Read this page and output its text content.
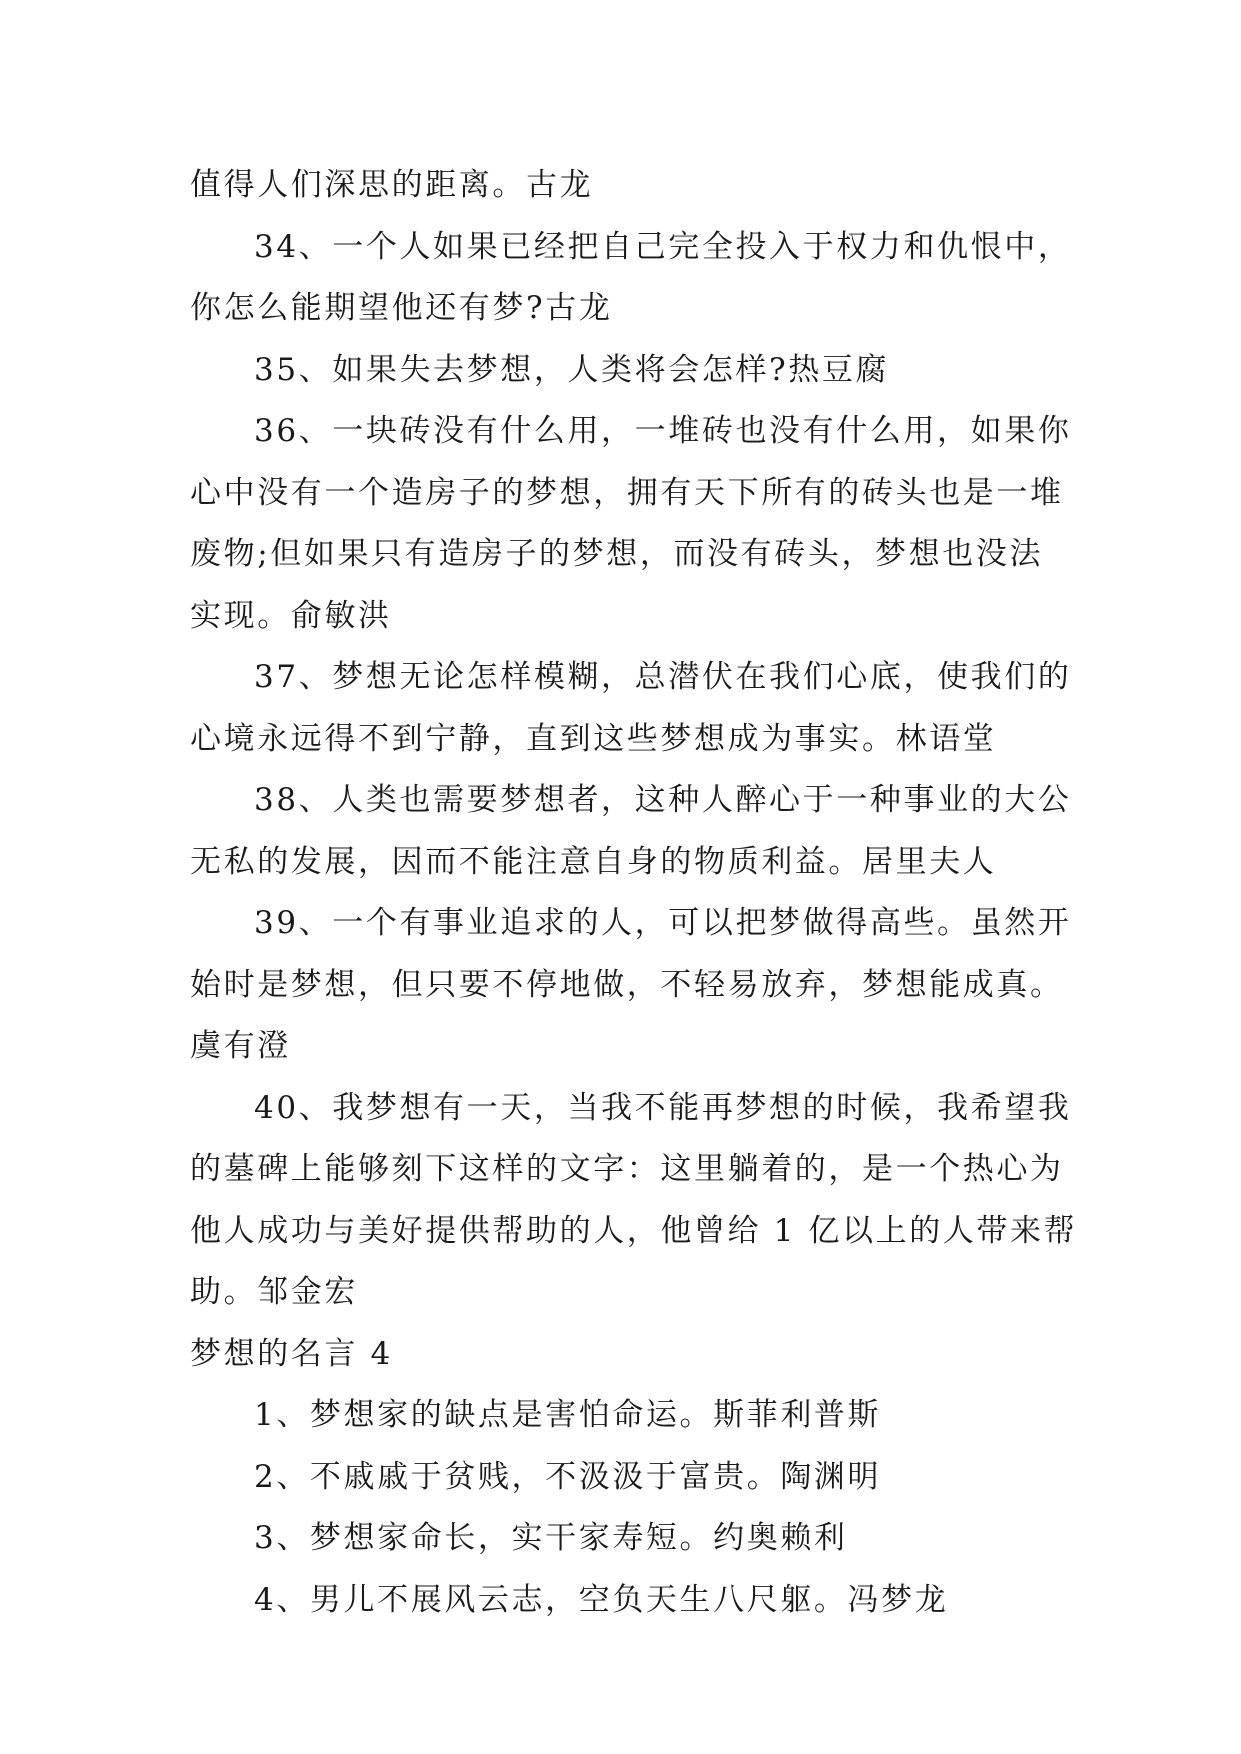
值得人们深思的距离。古龙
34、一个人如果已经把自己完全投入于权力和仇恨中，
你怎么能期望他还有梦?古龙
35、如果失去梦想，人类将会怎样?热豆腐
36、一块砖没有什么用，一堆砖也没有什么用，如果你
心中没有一个造房子的梦想，拥有天下所有的砖头也是一堆
废物;但如果只有造房子的梦想，而没有砖头，梦想也没法
实现。俞敏洪
37、梦想无论怎样模糊，总潜伏在我们心底，使我们的
心境永远得不到宁静，直到这些梦想成为事实。林语堂
38、人类也需要梦想者，这种人醉心于一种事业的大公
无私的发展，因而不能注意自身的物质利益。居里夫人
39、一个有事业追求的人，可以把梦做得高些。虽然开
始时是梦想，但只要不停地做，不轻易放弃，梦想能成真。
虞有澄
40、我梦想有一天，当我不能再梦想的时候，我希望我
的墓碑上能够刻下这样的文字：这里躺着的，是一个热心为
他人成功与美好提供帮助的人，他曾给 1 亿以上的人带来帮
助。邹金宏
梦想的名言 4
1、梦想家的缺点是害怕命运。斯菲利普斯
2、不戚戚于贫贱，不汲汲于富贵。陶渊明
3、梦想家命长，实干家寿短。约奥赖利
4、男儿不展风云志，空负天生八尺躯。冯梦龙
